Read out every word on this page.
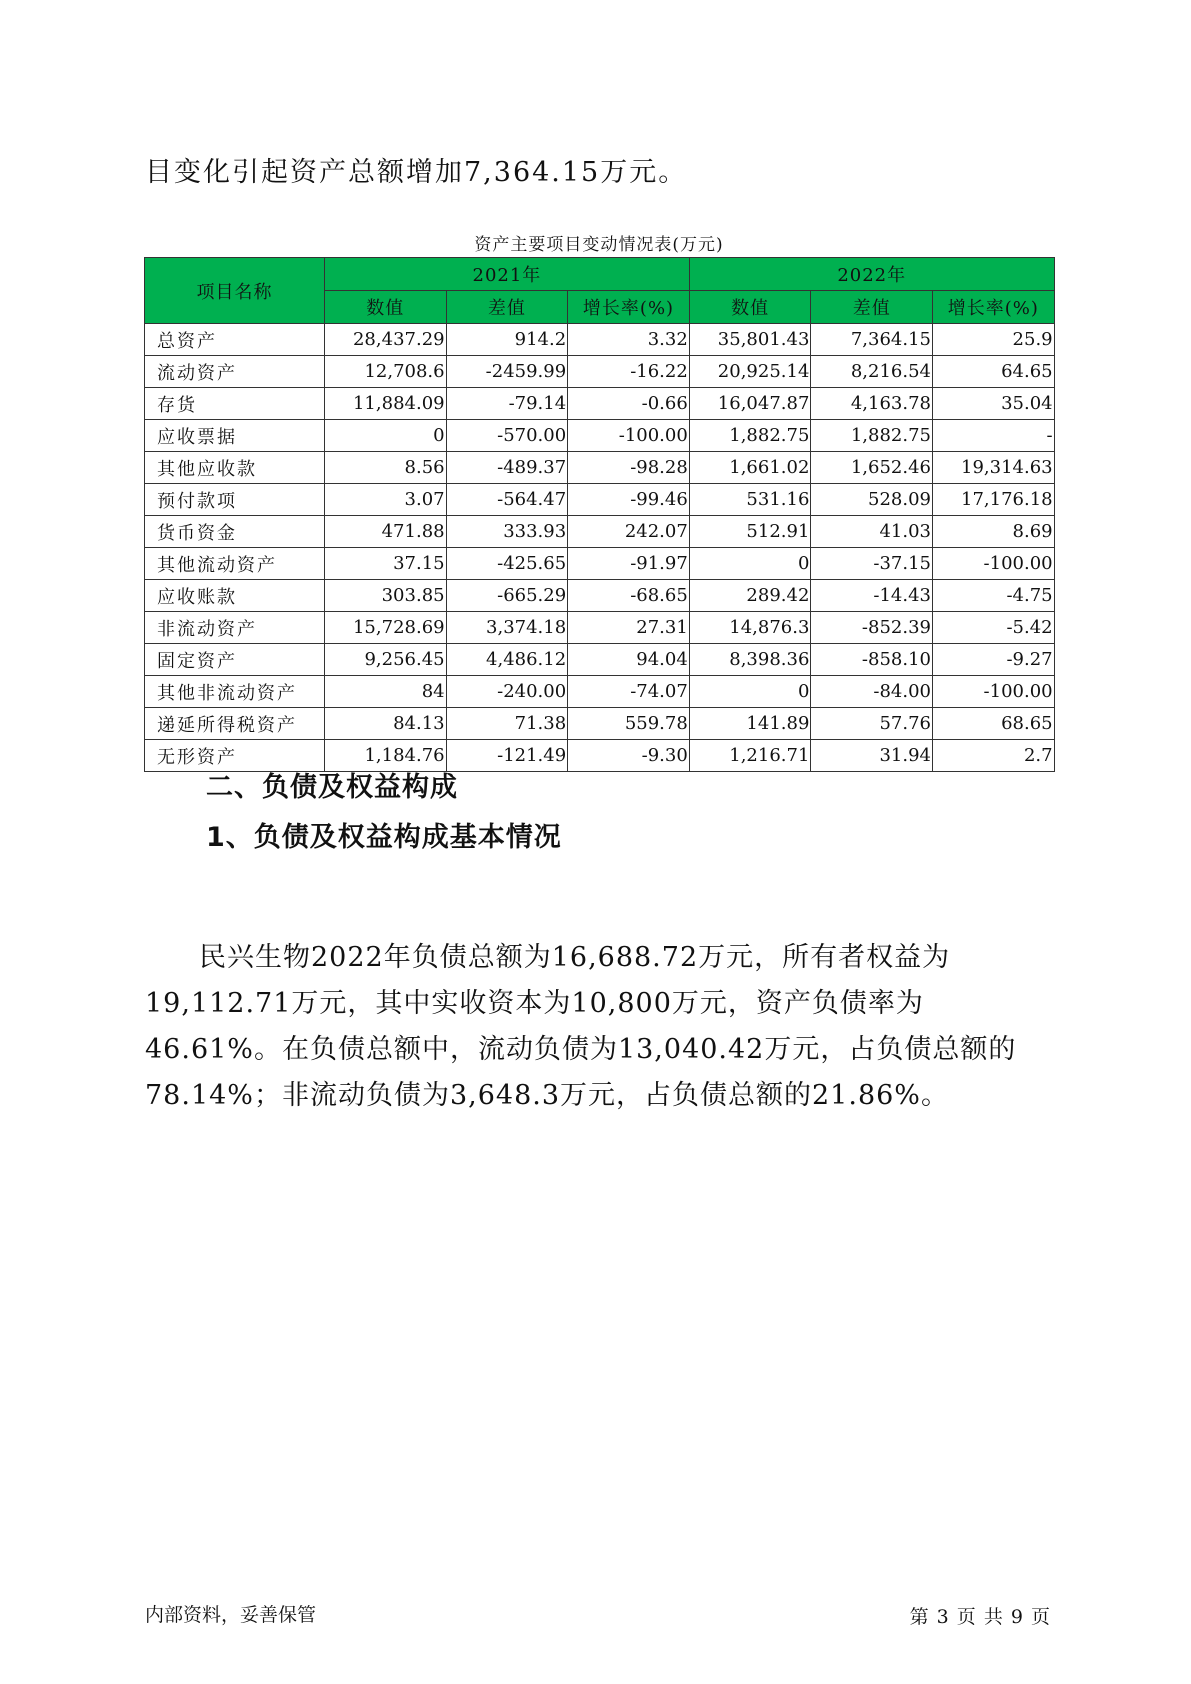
目变化引起资产总额增加7,364.15万元。

资产主要项目变动情况表(万元)

项目名称	2021年			2022年		
	数值	差值	增长率(%)	数值	差值	增长率(%)
总资产	28,437.29	914.2	3.32	35,801.43	7,364.15	25.9
流动资产	12,708.6	-2459.99	-16.22	20,925.14	8,216.54	64.65
存货	11,884.09	-79.14	-0.66	16,047.87	4,163.78	35.04
应收票据	0	-570.00	-100.00	1,882.75	1,882.75	-
其他应收款	8.56	-489.37	-98.28	1,661.02	1,652.46	19,314.63
预付款项	3.07	-564.47	-99.46	531.16	528.09	17,176.18
货币资金	471.88	333.93	242.07	512.91	41.03	8.69
其他流动资产	37.15	-425.65	-91.97	0	-37.15	-100.00
应收账款	303.85	-665.29	-68.65	289.42	-14.43	-4.75
非流动资产	15,728.69	3,374.18	27.31	14,876.3	-852.39	-5.42
固定资产	9,256.45	4,486.12	94.04	8,398.36	-858.10	-9.27
其他非流动资产	84	-240.00	-74.07	0	-84.00	-100.00
递延所得税资产	84.13	71.38	559.78	141.89	57.76	68.65
无形资产	1,184.76	-121.49	-9.30	1,216.71	31.94	2.7
二、负债及权益构成
1、负债及权益构成基本情况

民兴生物2022年负债总额为16,688.72万元，所有者权益为19,112.71万元，其中实收资本为10,800万元，资产负债率为46.61%。在负债总额中，流动负债为13,040.42万元，占负债总额的78.14%；非流动负债为3,648.3万元，占负债总额的21.86%。

内部资料，妥善保管	第 3 页 共 9 页
